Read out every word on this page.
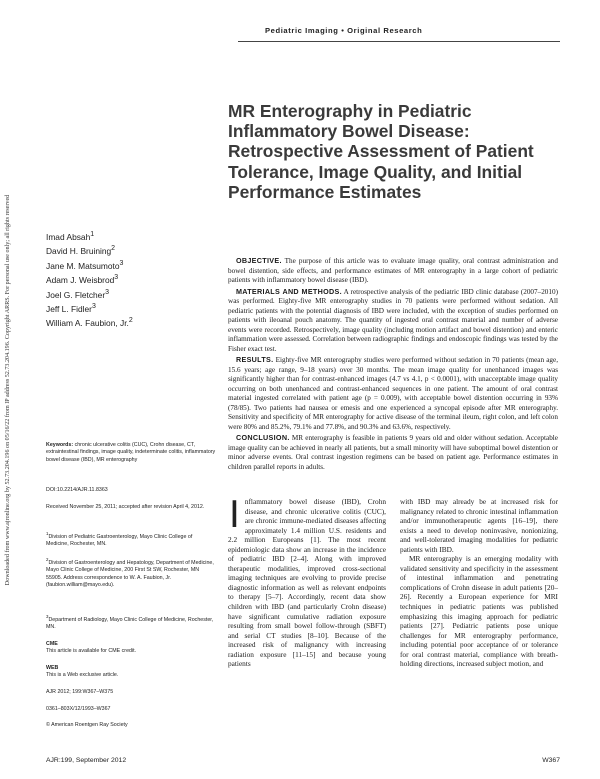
Downloaded from www.ajronline.org by 52.73.204.196 on 05/16/22 from IP address 52.73.204.196. Copyright ARRS. For personal use only; all rights reserved
Pediatric Imaging • Original Research
MR Enterography in Pediatric Inflammatory Bowel Disease: Retrospective Assessment of Patient Tolerance, Image Quality, and Initial Performance Estimates
Imad Absah$^1$
David H. Bruining$^2$
Jane M. Matsumoto$^3$
Adam J. Weisbrod$^3$
Joel G. Fletcher$^3$
Jeff L. Fidler$^3$
William A. Faubion, Jr.$^2$
Keywords: chronic ulcerative colitis (CUC), Crohn disease, CT, extraintestinal findings, image quality, indeterminate colitis, inflammatory bowel disease (IBD), MR enterography
DOI:10.2214/AJR.11.8363
Received November 25, 2011; accepted after revision April 4, 2012.
$^1$Division of Pediatric Gastroenterology, Mayo Clinic College of Medicine, Rochester, MN.
$^2$Division of Gastroenterology and Hepatology, Department of Medicine, Mayo Clinic College of Medicine, 200 First St SW, Rochester, MN 55905. Address correspondence to W. A. Faubion, Jr. (faubion.william@mayo.edu).
$^3$Department of Radiology, Mayo Clinic College of Medicine, Rochester, MN.
CME
This article is available for CME credit.
WEB
This is a Web exclusive article.
AJR 2012; 199:W367–W375
0361–803X/12/1993–W367
© American Roentgen Ray Society

OBJECTIVE. The purpose of this article was to evaluate image quality, oral contrast administration and bowel distention, side effects, and performance estimates of MR enterography in a large cohort of pediatric patients with inflammatory bowel disease (IBD).

MATERIALS AND METHODS. A retrospective analysis of the pediatric IBD clinic database (2007–2010) was performed. Eighty-five MR enterography studies in 70 patients were performed without sedation. All pediatric patients with the potential diagnosis of IBD were included, with the exception of studies performed on patients with ileoanal pouch anatomy. The quantity of ingested oral contrast material and number of adverse events were recorded. Retrospectively, image quality (including motion artifact and bowel distention) and enteric inflammation were assessed. Correlation between radiographic findings and endoscopic findings was tested by the Fisher exact test.

RESULTS. Eighty-five MR enterography studies were performed without sedation in 70 patients (mean age, 15.6 years; age range, 9–18 years) over 30 months. The mean image quality for unenhanced images was significantly higher than for contrast-enhanced images (4.7 vs 4.1, p < 0.0001), with unacceptable image quality occurring on both unenhanced and contrast-enhanced sequences in one patient. The amount of oral contrast material ingested correlated with patient age (p = 0.009), with acceptable bowel distention occurring in 93% (78/85). Two patients had nausea or emesis and one experienced a syncopal episode after MR enterography. Sensitivity and specificity of MR enterography for active disease of the terminal ileum, right colon, and left colon were 80% and 85.2%, 79.1% and 77.8%, and 90.3% and 63.6%, respectively.

CONCLUSION. MR enterography is feasible in patients 9 years old and older without sedation. Acceptable image quality can be achieved in nearly all patients, but a small minority will have suboptimal bowel distention or minor adverse events. Oral contrast ingestion regimens can be based on patient age. Performance estimates in children parallel reports in adults.

I nflammatory bowel disease (IBD), Crohn disease, and chronic ulcerative colitis (CUC), are chronic immune-mediated diseases affecting approximately 1.4 million U.S. residents and 2.2 million Europeans [1]. The most recent epidemiologic data show an increase in the incidence of pediatric IBD [2–4]. Along with improved therapeutic modalities, improved cross-sectional imaging techniques are evolving to provide precise diagnostic information as well as relevant endpoints to therapy [5–7]. Accordingly, recent data show children with IBD (and particularly Crohn disease) have significant cumulative radiation exposure resulting from small bowel follow-through (SBFT) and serial CT studies [8–10]. Because of the increased risk of malignancy with increasing radiation exposure [11–15] and because young patients

with IBD may already be at increased risk for malignancy related to chronic intestinal inflammation and/or immunotherapeutic agents [16–19], there exists a need to develop noninvasive, nonionizing, and well-tolerated imaging modalities for pediatric patients with IBD.

MR enterography is an emerging modality with validated sensitivity and specificity in the assessment of intestinal inflammation and penetrating complications of Crohn disease in adult patients [20–26]. Recently a European experience for MRI techniques in pediatric patients was published emphasizing this imaging approach for pediatric patients [27]. Pediatric patients pose unique challenges for MR enterography performance, including potential poor acceptance of or tolerance for oral contrast material, compliance with breath-holding directions, increased subject motion, and

AJR:199, September 2012	W367
